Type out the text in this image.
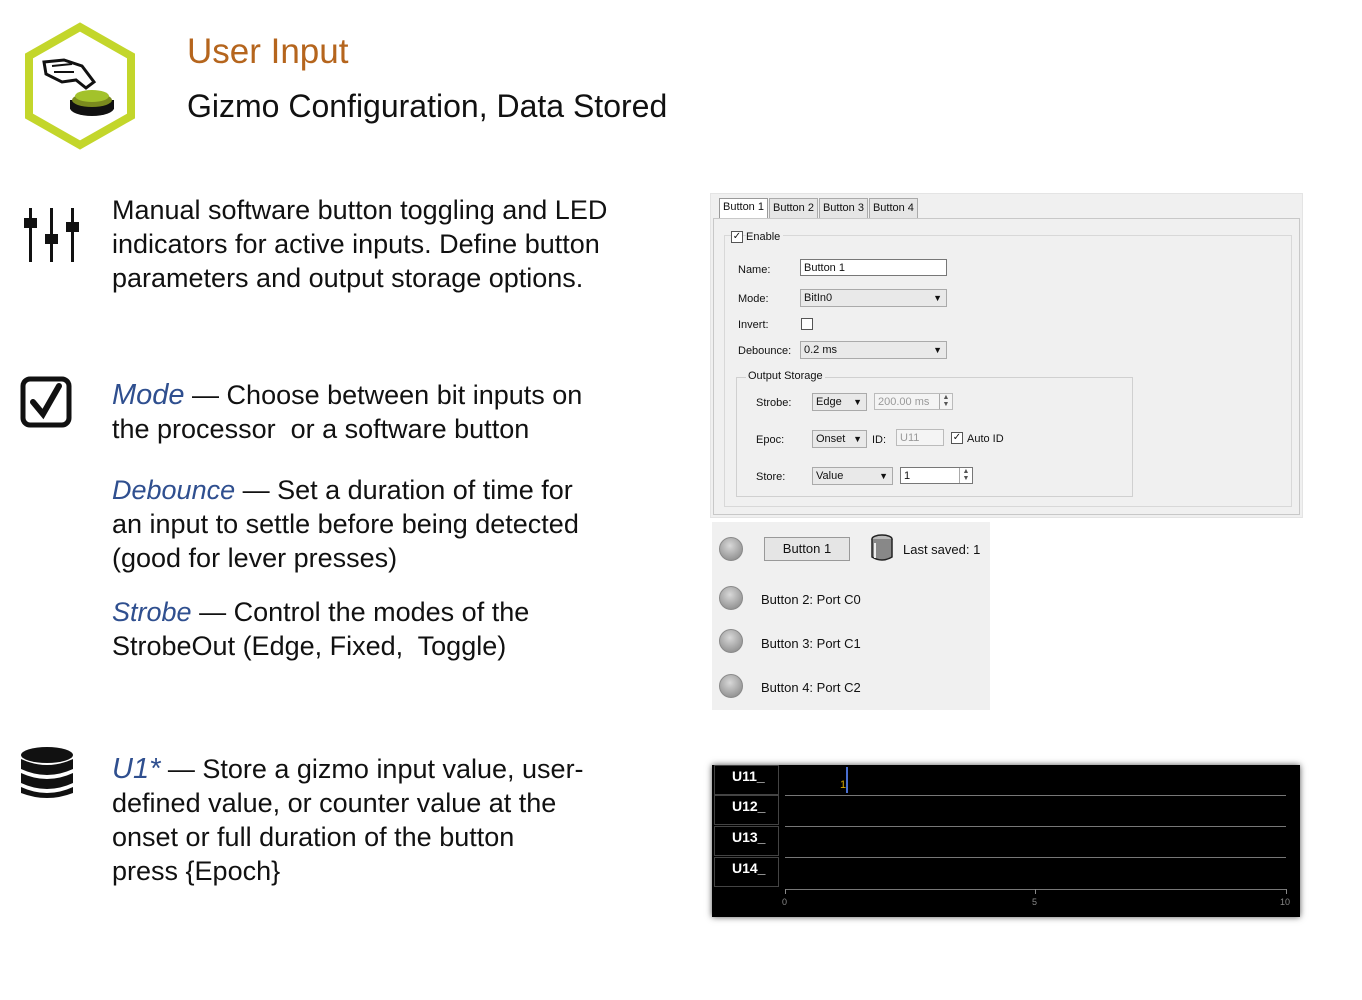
User Input
Gizmo Configuration, Data Stored
Manual software button toggling and LED indicators for active inputs. Define button parameters and output storage options.
Mode — Choose between bit inputs on
the processor  or a software button
Debounce — Set a duration of time for
an input to settle before being detected
(good for lever presses)
Strobe — Control the modes of the
StrobeOut (Edge, Fixed,  Toggle)
U1* — Store a gizmo input value, user-
defined value, or counter value at the
onset or full duration of the button
press {Epoch}
Button 1 Button 2 Button 3 Button 4
✓ Enable
Name:	Button 1
Mode:	BitIn0	▼
Invert:
Debounce:	0.2 ms	▼
Output Storage
Strobe:	Edge ▼	200.00 ms	▲
▼
Epoc:	Onset ▼ ID:	U11	✓ Auto ID
Store:	Value	▼	1	▲
▼
Button 1	Last saved: 1
Button 2: Port C0
Button 3: Port C1
Button 4: Port C2
U11_
U12_
U13_
U14_
1
0	5	10
